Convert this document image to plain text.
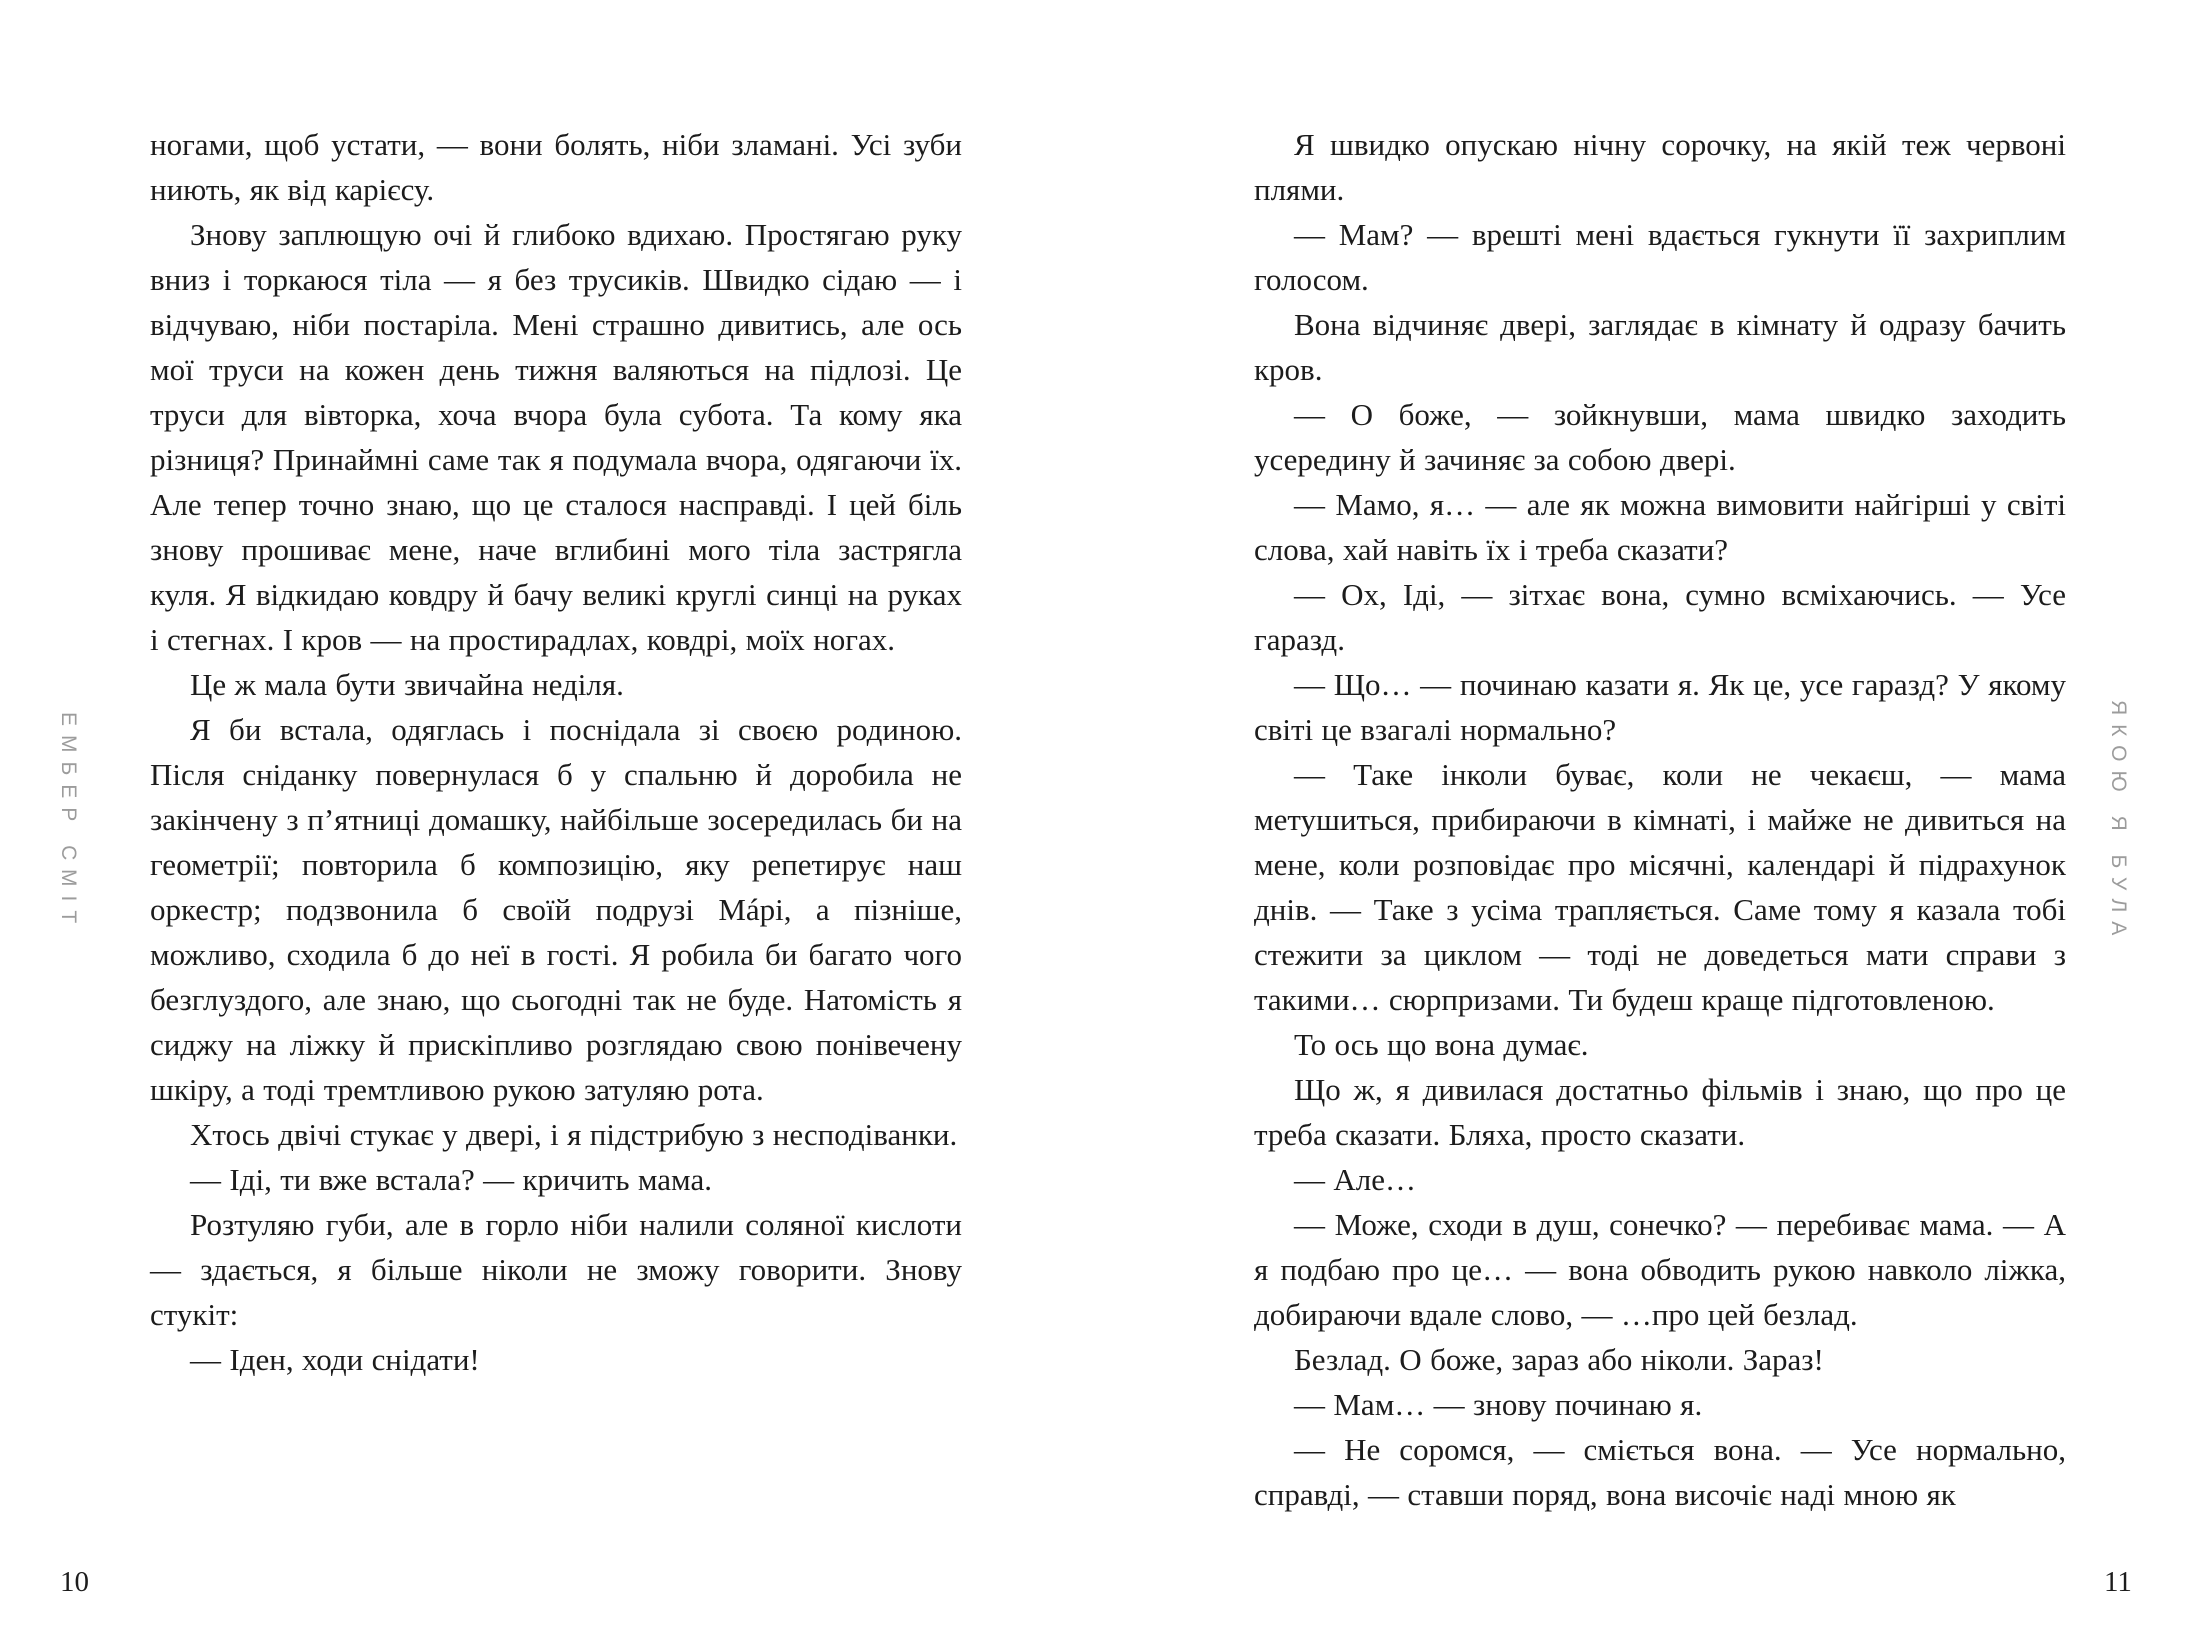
ЕМБЕР СМІТ

ногами, щоб устати, — вони болять, ніби зламані. Усі зуби ниють, як від карієсу.

Знову заплющую очі й глибоко вдихаю. Простягаю руку вниз і торкаюся тіла — я без трусиків. Швидко сідаю — і відчуваю, ніби постаріла. Мені страшно дивитись, але ось мої труси на кожен день тижня валяються на підлозі. Це труси для вівторка, хоча вчора була субота. Та кому яка різниця? Принаймні саме так я подумала вчора, одягаючи їх. Але тепер точно знаю, що це сталося насправді. І цей біль знову прошиває мене, наче вглибині мого тіла застрягла куля. Я відкидаю ковдру й бачу великі круглі синці на руках і стегнах. І кров — на простирадлах, ковдрі, моїх ногах.

Це ж мала бути звичайна неділя.

Я би встала, одяглась і поснідала зі своєю родиною. Після сніданку повернулася б у спальню й доробила не закінчену з п’ятниці домашку, найбільше зосередилась би на геометрії; повторила б композицію, яку репетирує наш оркестр; подзвонила б своїй подрузі Мáрі, а пізніше, можливо, сходила б до неї в гості. Я робила би багато чого безглуздого, але знаю, що сьогодні так не буде. Натомість я сиджу на ліжку й прискіпливо розглядаю свою понівечену шкіру, а тоді тремтливою рукою затуляю рота.

Хтось двічі стукає у двері, і я підстрибую з несподіванки.

— Іді, ти вже встала? — кричить мама.

Розтуляю губи, але в горло ніби налили соляної кислоти — здається, я більше ніколи не зможу говорити. Знову стукіт:

— Іден, ходи снідати!

Я швидко опускаю нічну сорочку, на якій теж червоні плями.

— Мам? — врешті мені вдається гукнути її захриплим голосом.

Вона відчиняє двері, заглядає в кімнату й одразу бачить кров.

— О боже, — зойкнувши, мама швидко заходить усередину й зачиняє за собою двері.

— Мамо, я… — але як можна вимовити найгірші у світі слова, хай навіть їх і треба сказати?

— Ох, Іді, — зітхає вона, сумно всміхаючись. — Усе гаразд.

— Що… — починаю казати я. Як це, усе гаразд? У якому світі це взагалі нормально?

— Таке інколи буває, коли не чекаєш, — мама метушиться, прибираючи в кімнаті, і майже не дивиться на мене, коли розповідає про місячні, календарі й підрахунок днів. — Таке з усіма трапляється. Саме тому я казала тобі стежити за циклом — тоді не доведеться мати справи з такими… сюрпризами. Ти будеш краще підготовленою.

То ось що вона думає.

Що ж, я дивилася достатньо фільмів і знаю, що про це треба сказати. Бляха, просто сказати.

— Але…

— Може, сходи в душ, сонечко? — перебиває мама. — А я подбаю про це… — вона обводить рукою навколо ліжка, добираючи вдале слово, — …про цей безлад.

Безлад. О боже, зараз або ніколи. Зараз!

— Мам… — знову починаю я.

— Не соромся, — сміється вона. — Усе нормально, справді, — ставши поряд, вона височіє наді мною як

ЯКОЮ Я БУЛА
10	11
